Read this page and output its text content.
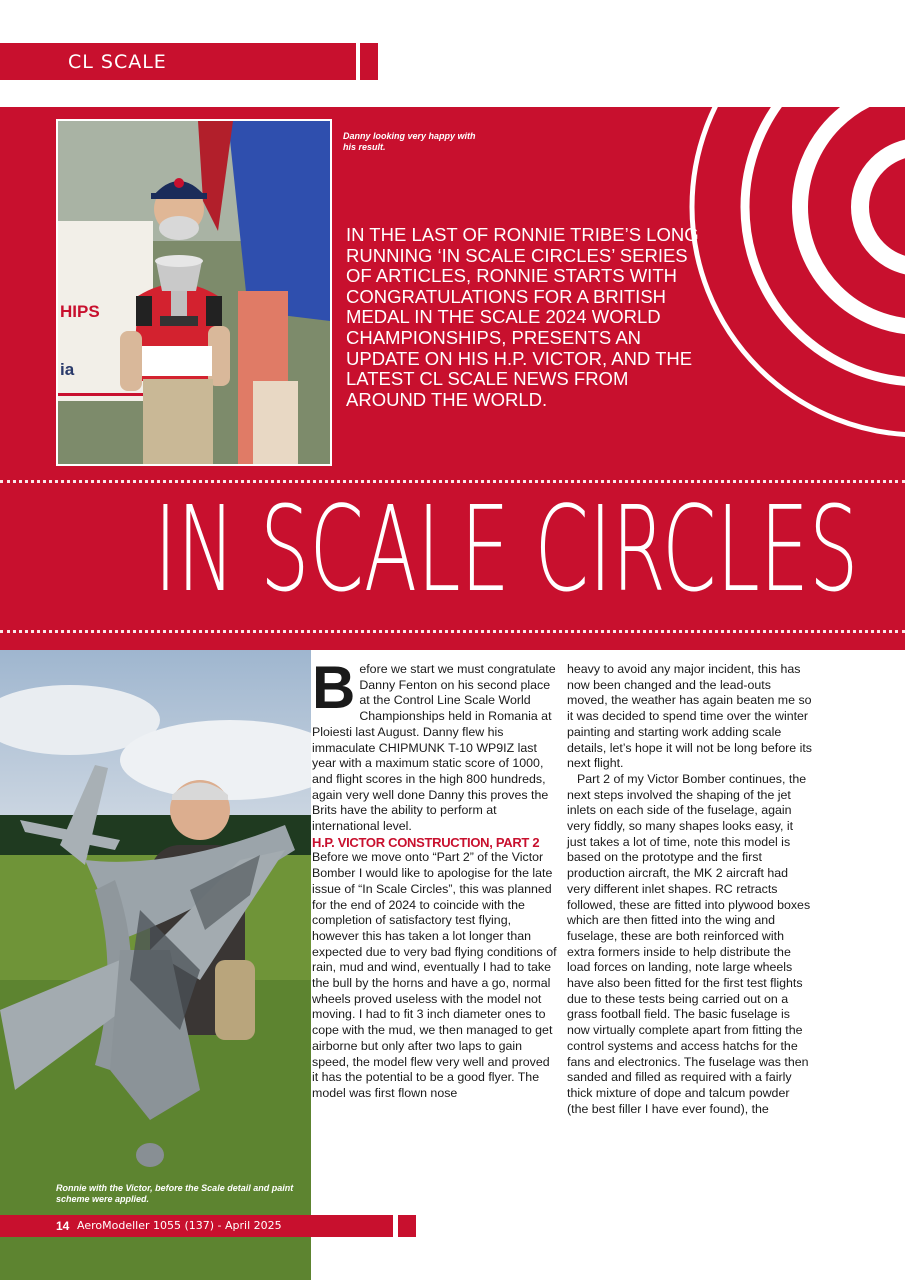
CL SCALE
HIPS
ia
Danny looking very happy with his result.
IN THE LAST OF RONNIE TRIBE’S LONG RUNNING ‘IN SCALE CIRCLES’ SERIES OF ARTICLES, RONNIE STARTS WITH CONGRATULATIONS FOR A BRITISH MEDAL IN THE SCALE 2024 WORLD CHAMPIONSHIPS, PRESENTS AN UPDATE ON HIS H.P. VICTOR, AND THE LATEST CL SCALE NEWS FROM AROUND THE WORLD.
IN SCALE CIRCLES
Ronnie with the Victor, before the Scale detail and paint scheme were applied.

Before we start we must congratulate Danny Fenton on his second place at the Control Line Scale World Championships held in Romania at Ploiesti last August. Danny flew his immaculate CHIPMUNK T-10 WP9IZ last year with a maximum static score of 1000, and flight scores in the high 800 hundreds, again very well done Danny this proves the Brits have the ability to perform at international level.

H.P. VICTOR CONSTRUCTION, PART 2

Before we move onto “Part 2” of the Victor Bomber I would like to apologise for the late issue of “In Scale Circles”, this was planned for the end of 2024 to coincide with the completion of satisfactory test flying, however this has taken a lot longer than expected due to very bad flying conditions of rain, mud and wind, eventually I had to take the bull by the horns and have a go, normal wheels proved useless with the model not moving. I had to fit 3 inch diameter ones to cope with the mud, we then managed to get airborne but only after two laps to gain speed, the model flew very well and proved it has the potential to be a good flyer. The model was first flown nose

heavy to avoid any major incident, this has now been changed and the lead-outs moved, the weather has again beaten me so it was decided to spend time over the winter painting and starting work adding scale details, let’s hope it will not be long before its next flight.

Part 2 of my Victor Bomber continues, the next steps involved the shaping of the jet inlets on each side of the fuselage, again very fiddly, so many shapes looks easy, it just takes a lot of time, note this model is based on the prototype and the first production aircraft, the MK 2 aircraft had very different inlet shapes. RC retracts followed, these are fitted into plywood boxes which are then fitted into the wing and fuselage, these are both reinforced with extra formers inside to help distribute the load forces on landing, note large wheels have also been fitted for the first test flights due to these tests being carried out on a grass football field. The basic fuselage is now virtually complete apart from fitting the control systems and access hatchs for the fans and electronics. The fuselage was then sanded and filled as required with a fairly thick mixture of dope and talcum powder (the best filler I have ever found), the

14 AeroModeller 1055 (137) - April 2025
